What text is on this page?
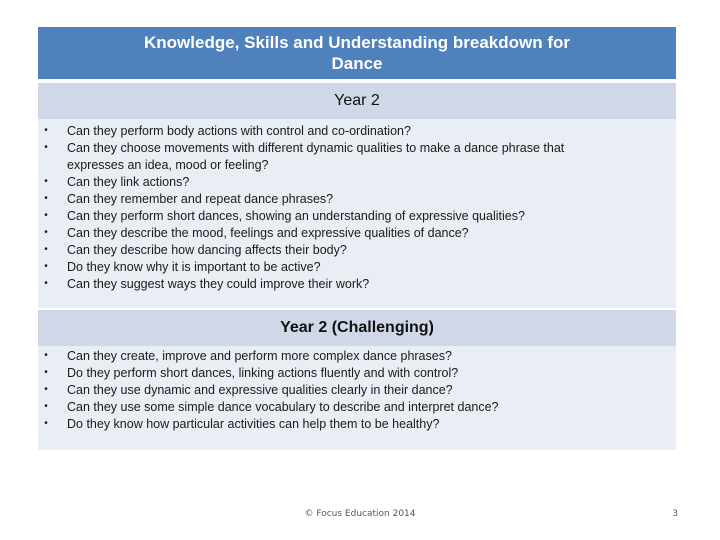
Knowledge, Skills and Understanding breakdown for
Dance
Year 2
• Can they perform body actions with control and co-ordination?
• Can they choose movements with different dynamic qualities to make a dance phrase that
expresses an idea, mood or feeling?
• Can they link actions?
• Can they remember and repeat dance phrases?
• Can they perform short dances, showing an understanding of expressive qualities?
• Can they describe the mood, feelings and expressive qualities of dance?
• Can they describe how dancing affects their body?
• Do they know why it is important to be active?
• Can they suggest ways they could improve their work?
Year 2 (Challenging)
• Can they create, improve and perform more complex dance phrases?
• Do they perform short dances, linking actions fluently and with control?
• Can they use dynamic and expressive qualities clearly in their dance?
• Can they use some simple dance vocabulary to describe and interpret dance?
• Do they know how particular activities can help them to be healthy?
© Focus Education 2014	3
